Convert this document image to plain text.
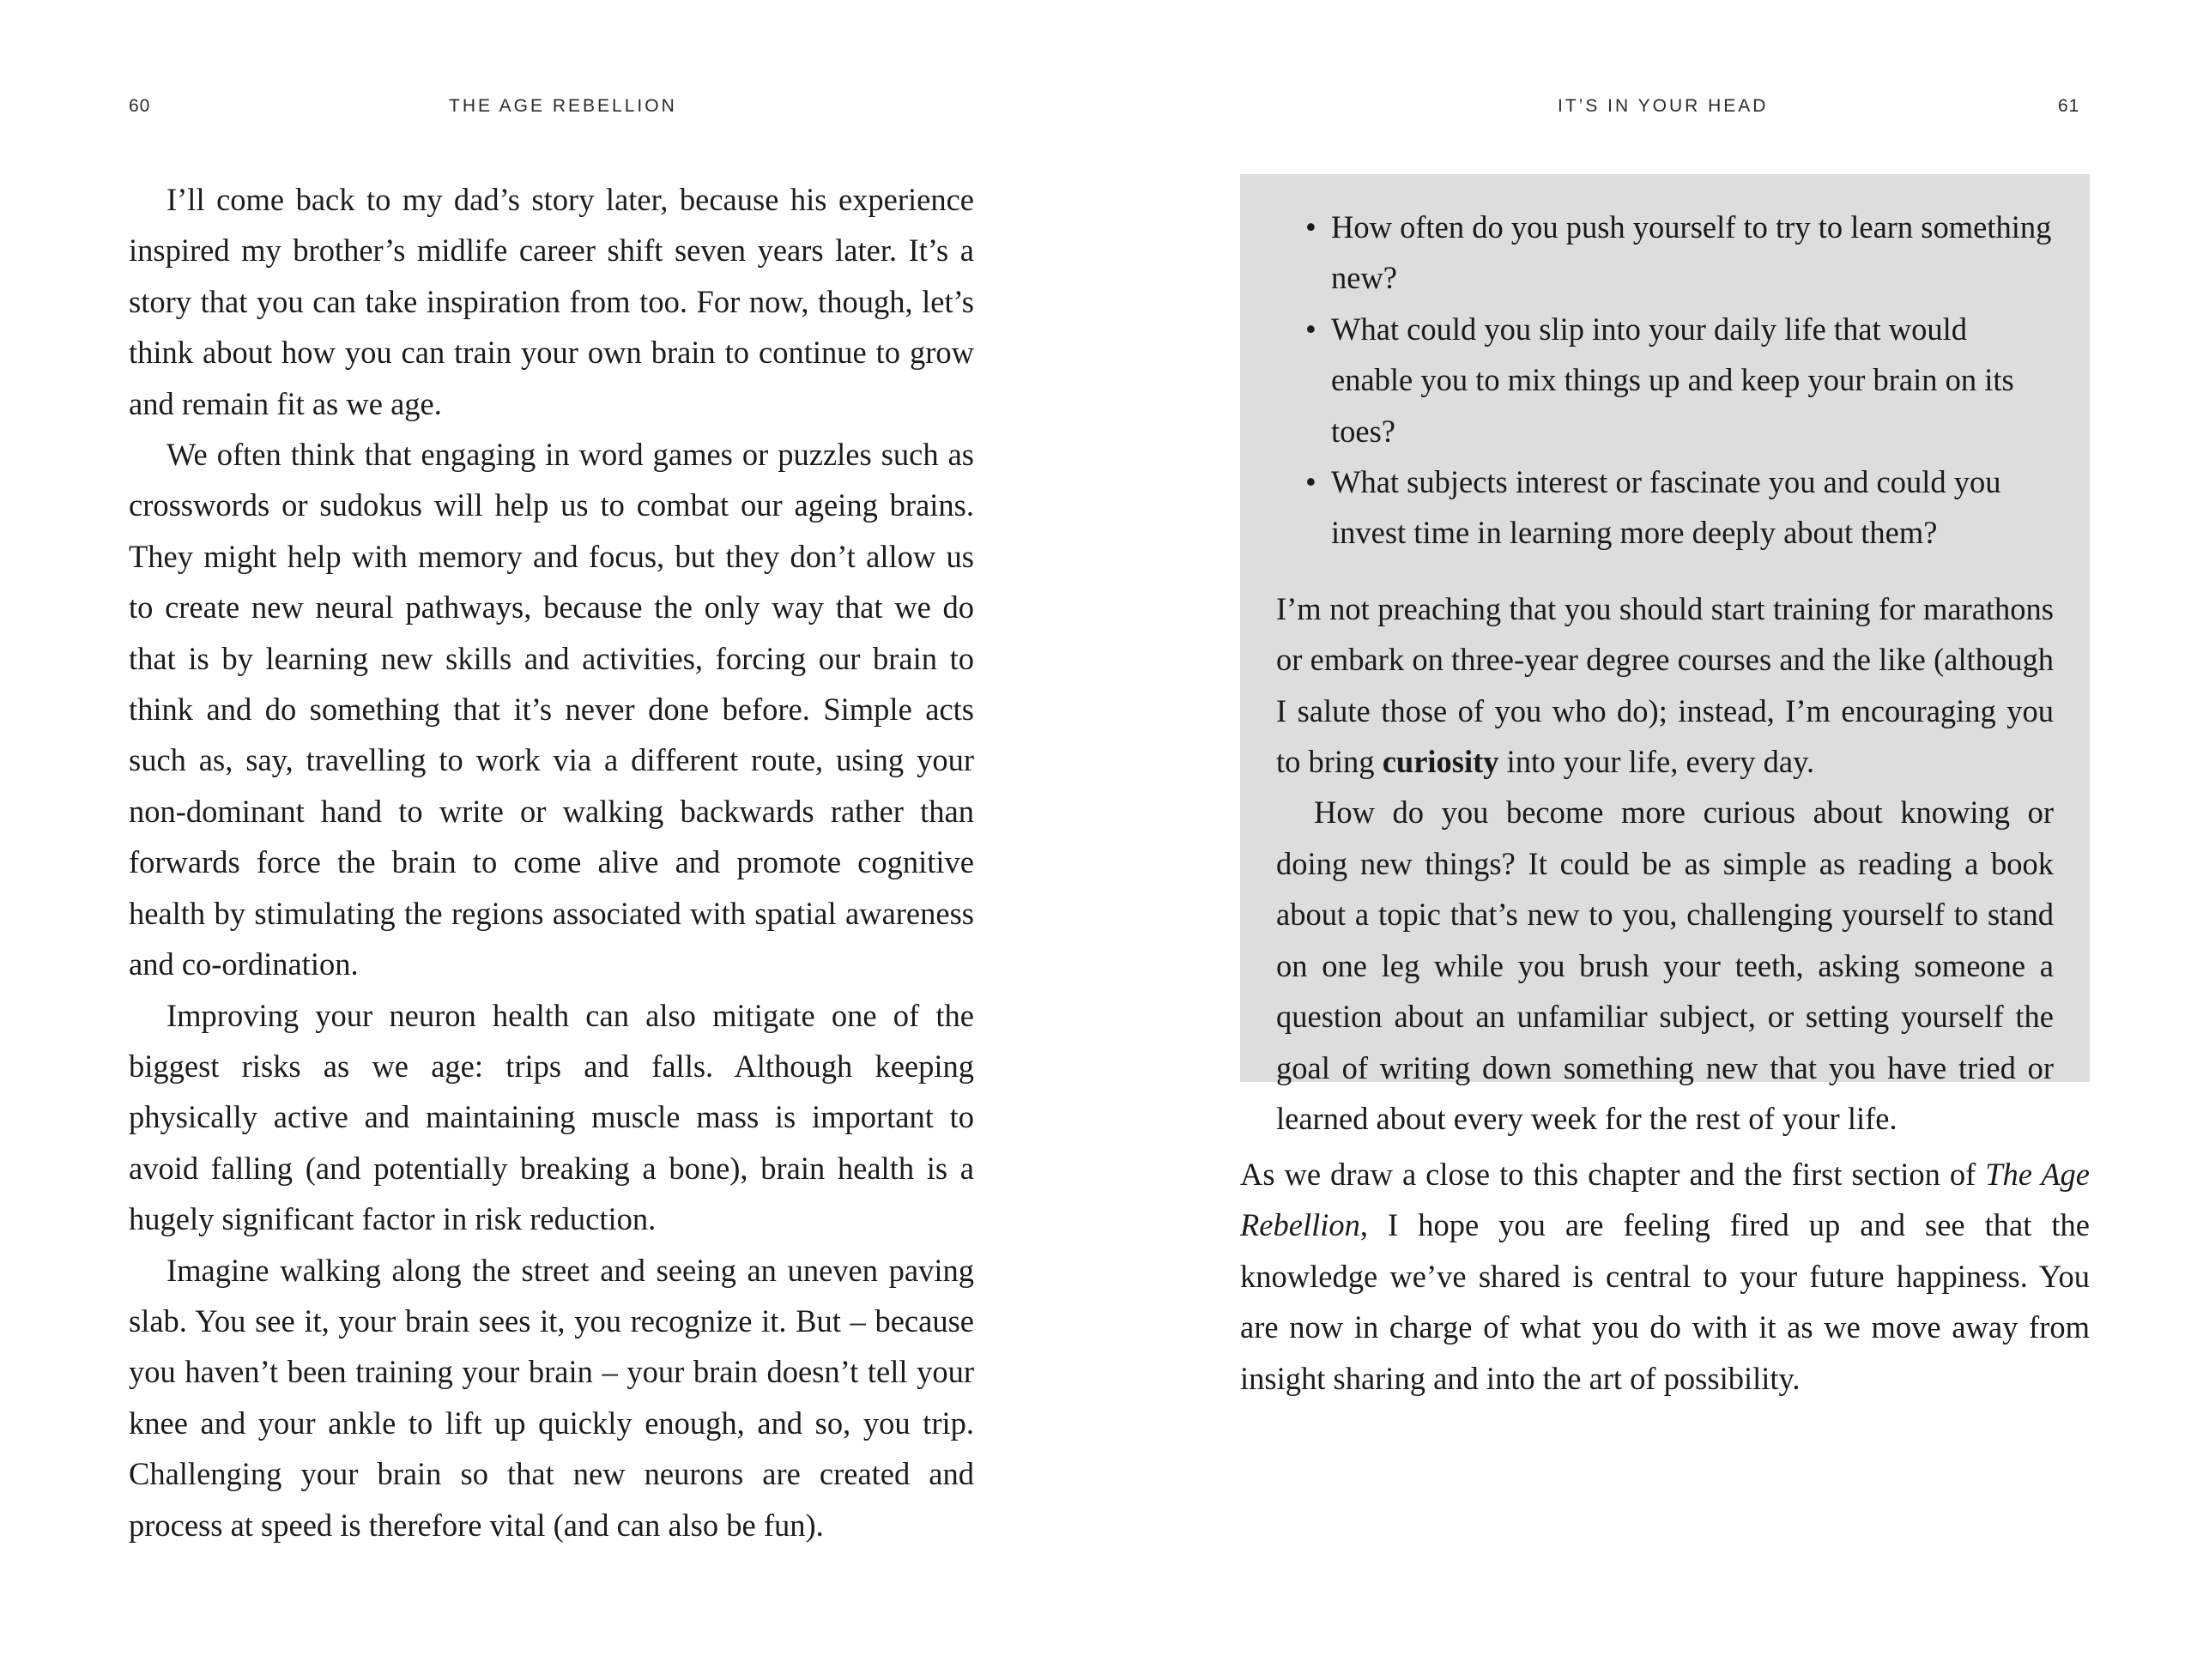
60	THE AGE REBELLION

I’ll come back to my dad’s story later, because his experience inspired my brother’s midlife career shift seven years later. It’s a story that you can take inspiration from too. For now, though, let’s think about how you can train your own brain to continue to grow and remain fit as we age.

We often think that engaging in word games or puzzles such as crosswords or sudokus will help us to combat our ageing brains. They might help with memory and focus, but they don’t allow us to create new neural pathways, because the only way that we do that is by learning new skills and activities, forcing our brain to think and do something that it’s never done before. Simple acts such as, say, travelling to work via a different route, using your non-dominant hand to write or walking backwards rather than forwards force the brain to come alive and promote cognitive health by stimulating the regions associated with spatial awareness and co-ordination.

Improving your neuron health can also mitigate one of the biggest risks as we age: trips and falls. Although keeping physically active and maintaining muscle mass is important to avoid falling (and potentially breaking a bone), brain health is a hugely significant factor in risk reduction.

Imagine walking along the street and seeing an uneven paving slab. You see it, your brain sees it, you recognize it. But – because you haven’t been training your brain – your brain doesn’t tell your knee and your ankle to lift up quickly enough, and so, you trip. Challenging your brain so that new neurons are created and process at speed is therefore vital (and can also be fun).

IT’S IN YOUR HEAD	61
• How often do you push yourself to try to learn something new?
• What could you slip into your daily life that would enable you to mix things up and keep your brain on its toes?
• What subjects interest or fascinate you and could you invest time in learning more deeply about them?

I’m not preaching that you should start training for marathons or embark on three-year degree courses and the like (although I salute those of you who do); instead, I’m encouraging you to bring curiosity into your life, every day.

How do you become more curious about knowing or doing new things? It could be as simple as reading a book about a topic that’s new to you, challenging yourself to stand on one leg while you brush your teeth, asking someone a question about an unfamiliar subject, or setting yourself the goal of writing down something new that you have tried or learned about every week for the rest of your life.

As we draw a close to this chapter and the first section of The Age Rebellion, I hope you are feeling fired up and see that the knowledge we’ve shared is central to your future happiness. You are now in charge of what you do with it as we move away from insight sharing and into the art of possibility.
